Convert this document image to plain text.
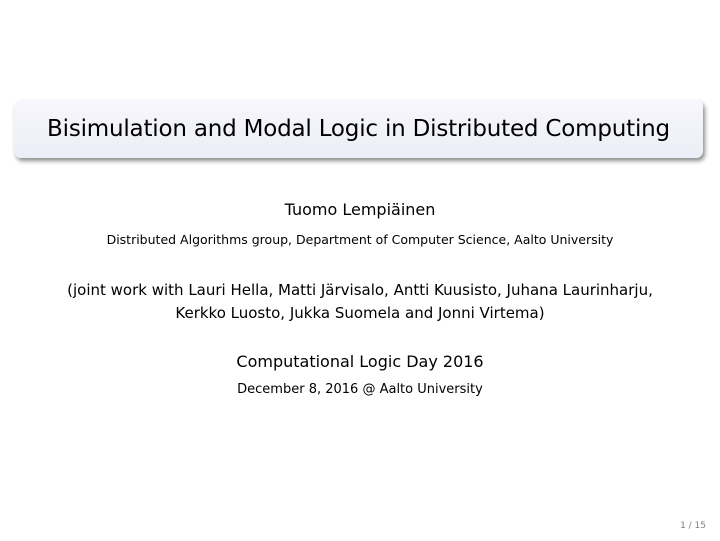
Bisimulation and Modal Logic in Distributed Computing
Tuomo Lempiäinen
Distributed Algorithms group, Department of Computer Science, Aalto University
(joint work with Lauri Hella, Matti Järvisalo, Antti Kuusisto, Juhana Laurinharju,
Kerkko Luosto, Jukka Suomela and Jonni Virtema)
Computational Logic Day 2016
December 8, 2016 @ Aalto University
1 / 15
